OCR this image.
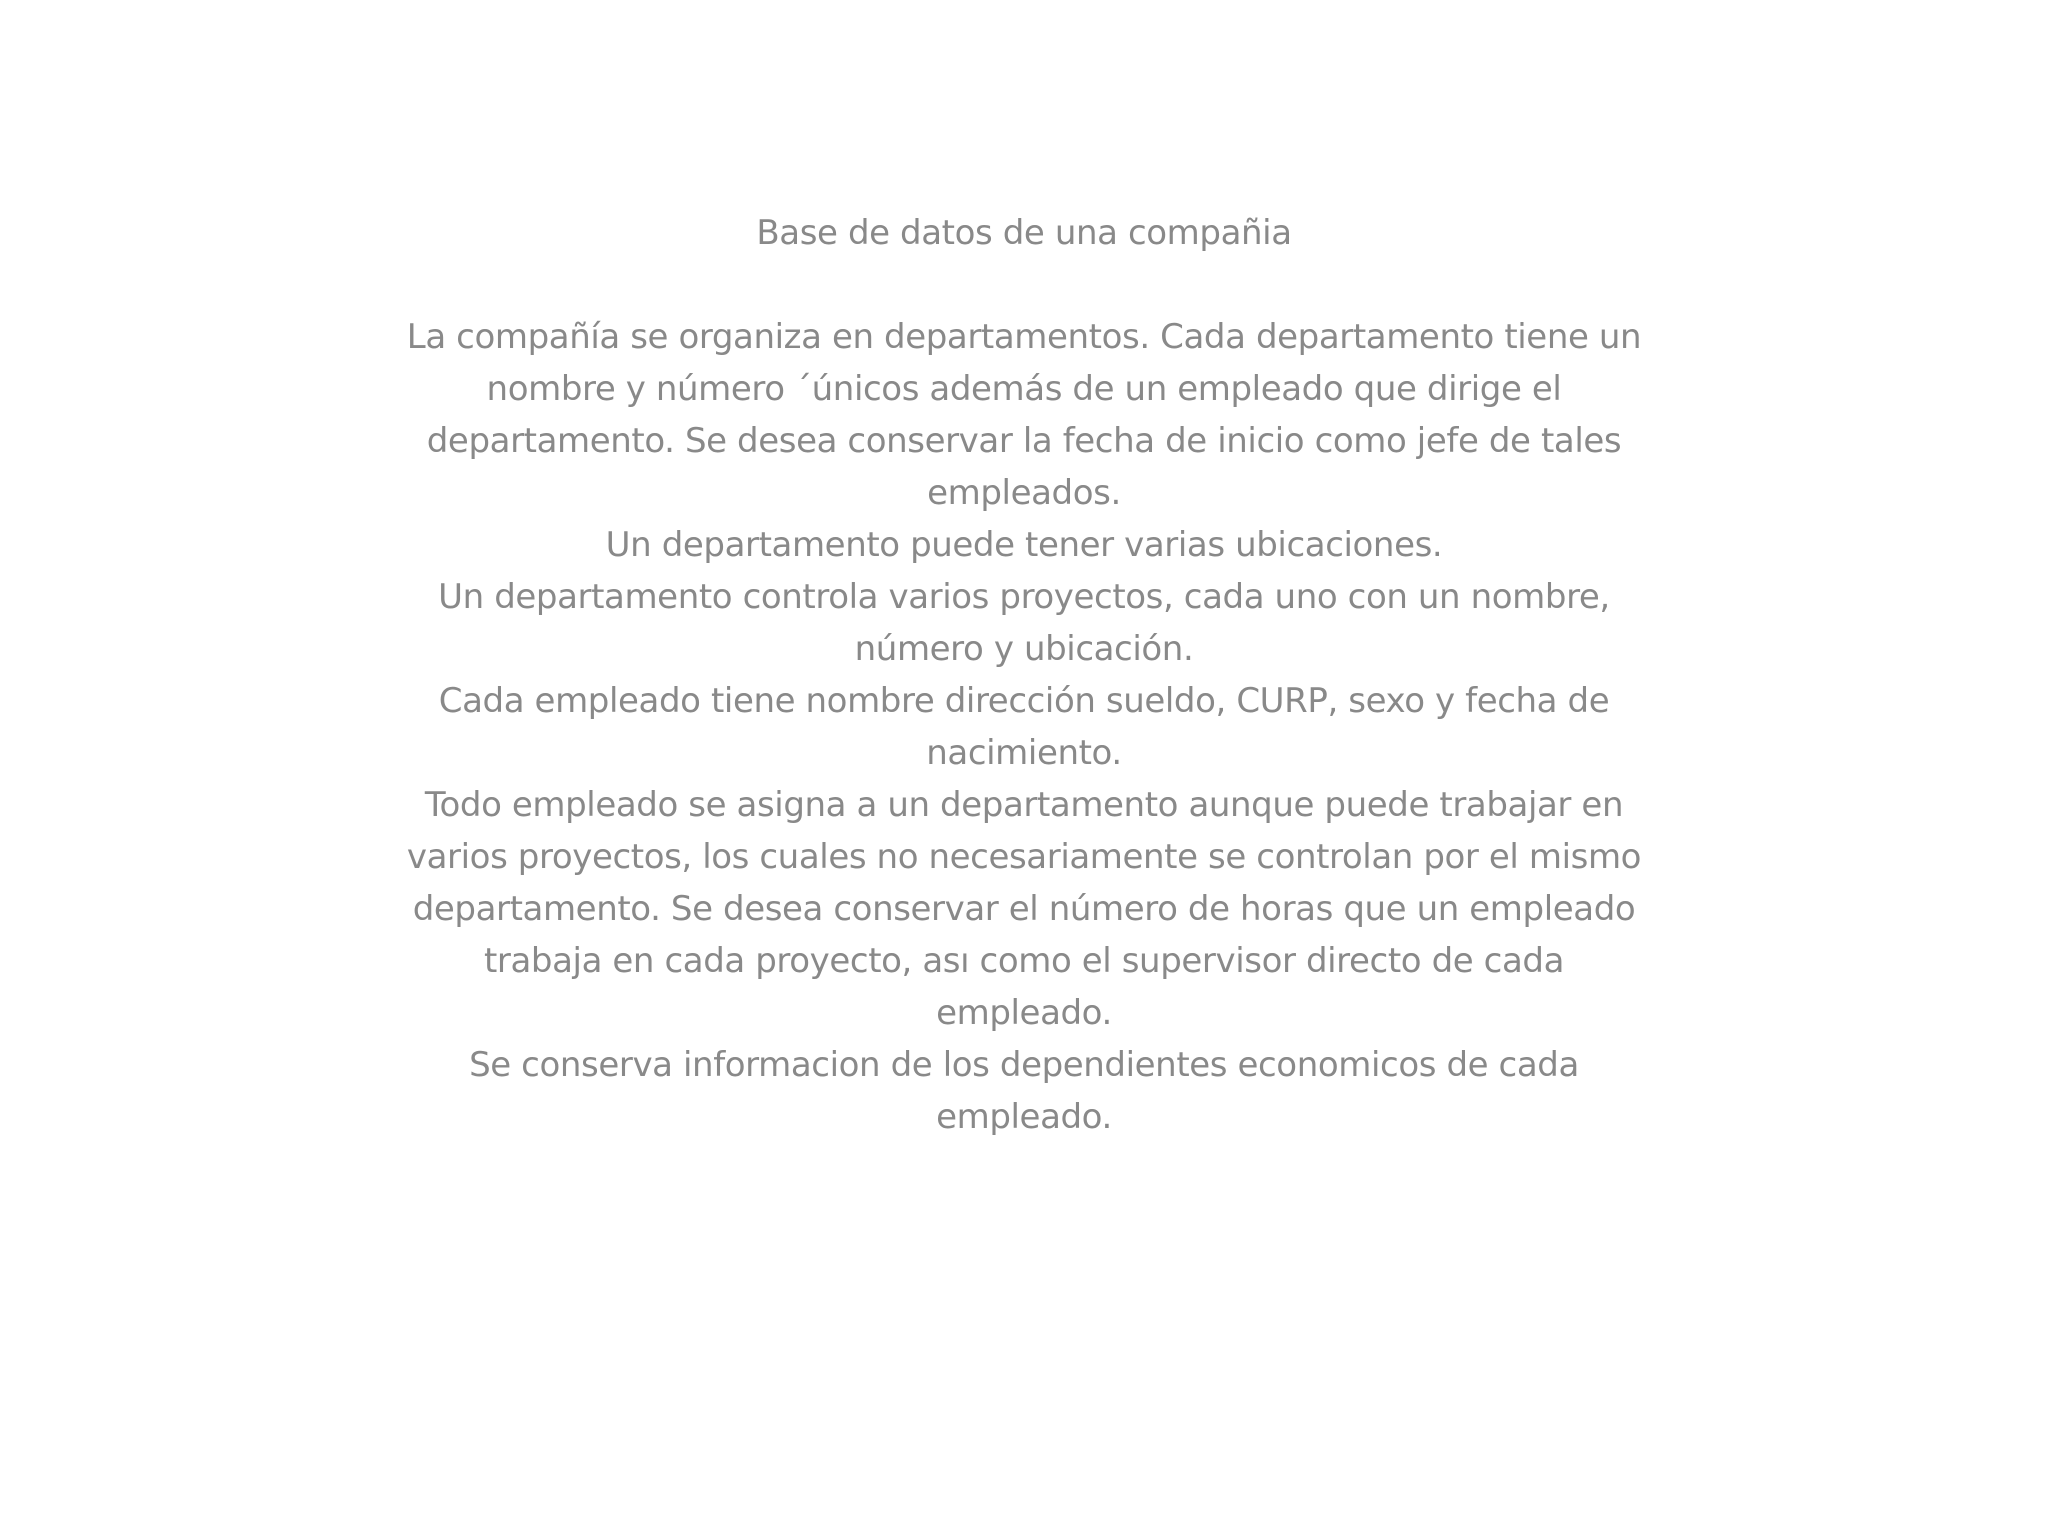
Base de datos de una compañia

La compañía se organiza en departamentos. Cada departamento tiene un nombre y número ´únicos además de un empleado que dirige el departamento. Se desea conservar la fecha de inicio como jefe de tales empleados.

Un departamento puede tener varias ubicaciones.

Un departamento controla varios proyectos, cada uno con un nombre, número y ubicación.

Cada empleado tiene nombre dirección sueldo, CURP, sexo y fecha de nacimiento.

Todo empleado se asigna a un departamento aunque puede trabajar en varios proyectos, los cuales no necesariamente se controlan por el mismo departamento. Se desea conservar el número de horas que un empleado trabaja en cada proyecto, ası como el supervisor directo de cada empleado.

Se conserva informacion de los dependientes economicos de cada empleado.
